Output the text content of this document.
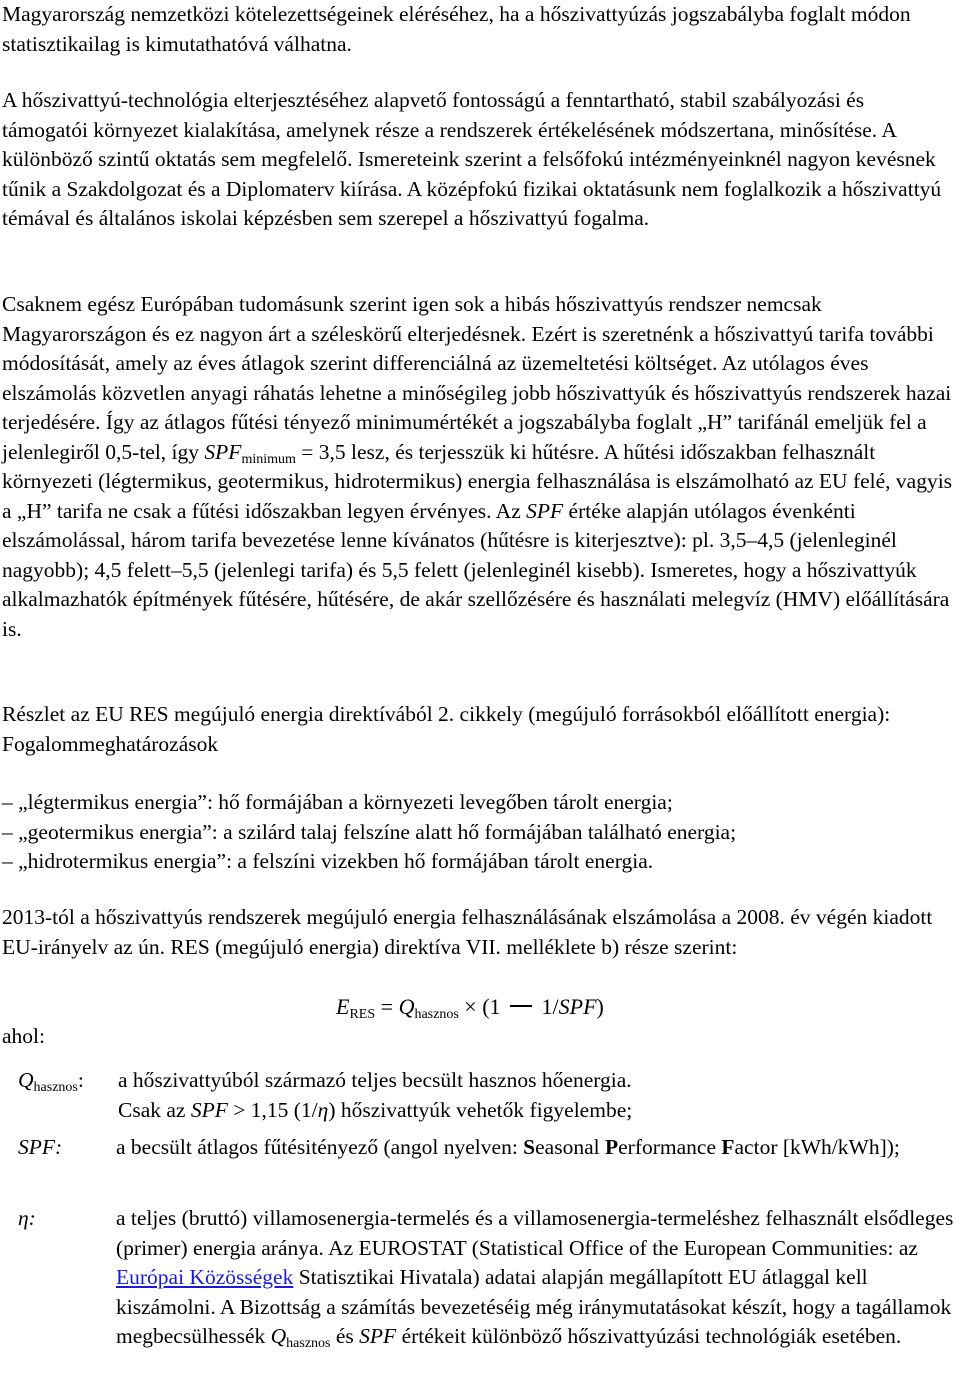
Magyarország nemzetközi kötelezettségeinek eléréséhez, ha a hőszivattyúzás jogszabályba foglalt módon statisztikailag is kimutathatóvá válhatna.

A hőszivattyú-technológia elterjesztéséhez alapvető fontosságú a fenntartható, stabil szabályozási és támogatói környezet kialakítása, amelynek része a rendszerek értékelésének módszertana, minősítése. A különböző szintű oktatás sem megfelelő. Ismereteink szerint a felsőfokú intézményeinknél nagyon kevésnek tűnik a Szakdolgozat és a Diplomaterv kiírása. A középfokú fizikai oktatásunk nem foglalkozik a hőszivattyú témával és általános iskolai képzésben sem szerepel a hőszivattyú fogalma.

Csaknem egész Európában tudomásunk szerint igen sok a hibás hőszivattyús rendszer nemcsak Magyarországon és ez nagyon árt a széleskörű elterjedésnek. Ezért is szeretnénk a hőszivattyú tarifa további módosítását, amely az éves átlagok szerint differenciálná az üzemeltetési költséget. Az utólagos éves elszámolás közvetlen anyagi ráhatás lehetne a minőségileg jobb hőszivattyúk és hőszivattyús rendszerek hazai terjedésére. Így az átlagos fűtési tényező minimumértékét a jogszabályba foglalt „H” tarifánál emeljük fel a jelenlegiről 0,5-tel, így $SPF_{minimum} = 3,5$ lesz, és terjesszük ki hűtésre. A hűtési időszakban felhasznált környezeti (légtermikus, geotermikus, hidrotermikus) energia felhasználása is elszámolható az EU felé, vagyis a „H” tarifa ne csak a fűtési időszakban legyen érvényes. Az SPF értéke alapján utólagos évenkénti elszámolással, három tarifa bevezetése lenne kívánatos (hűtésre is kiterjesztve): pl. 3,5–4,5 (jelenleginél nagyobb); 4,5 felett–5,5 (jelenlegi tarifa) és 5,5 felett (jelenleginél kisebb). Ismeretes, hogy a hőszivattyúk alkalmazhatók építmények fűtésére, hűtésére, de akár szellőzésére és használati melegvíz (HMV) előállítására is.

Részlet az EU RES megújuló energia direktívából 2. cikkely (megújuló forrásokból előállított energia):

Fogalommeghatározások

– „légtermikus energia”: hő formájában a környezeti levegőben tárolt energia;
– „geotermikus energia”: a szilárd talaj felszíne alatt hő formájában található energia;
– „hidrotermikus energia”: a felszíni vizekben hő formájában tárolt energia.

2013-tól a hőszivattyús rendszerek megújuló energia felhasználásának elszámolása a 2008. év végén kiadott EU-irányelv az ún. RES (megújuló energia) direktíva VII. melléklete b) része szerint:

$E_{RES} = Q_{hasznos} \times (1$  1/SPF)

ahol:

$Q_{hasznos}$: a hőszivattyúból származó teljes becsült hasznos hőenergia.

Csak az SPF > 1,15 (1/η) hőszivattyúk vehetők figyelembe;

SPF:	a becsült átlagos fűtésitényező (angol nyelven: Seasonal Performance Factor [kWh/kWh]);
η:	a teljes (bruttó) villamosenergia-termelés és a villamosenergia-termeléshez felhasznált elsődleges (primer) energia aránya. Az EUROSTAT (Statistical Office of the European Communities: az Európai Közösségek Statisztikai Hivatala) adatai alapján megállapított EU átlaggal kell kiszámolni. A Bizottság a számítás bevezetéséig még iránymutatásokat készít, hogy a tagállamok megbecsülhessék $Q_{hasznos}$ és SPF értékeit különböző hőszivattyúzási technológiák esetében.
